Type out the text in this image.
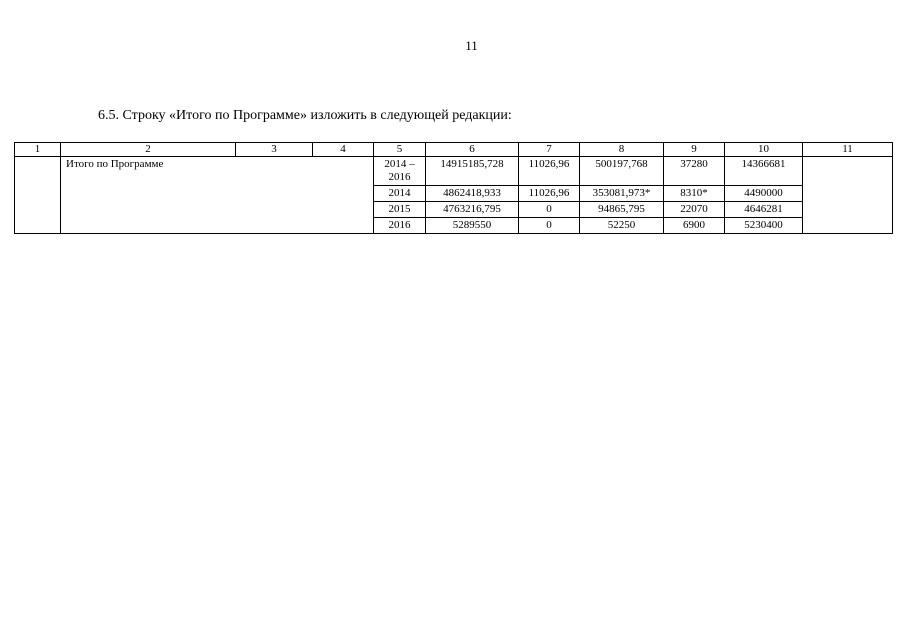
11
6.5. Строку «Итого по Программе» изложить в следующей редакции:
1	2	3	4	5	6	7	8	9	10	11
	Итого по Программе			2014 – 2016	14915185,728	11026,96	500197,768	37280	14366681	
				2014	4862418,933	11026,96	353081,973*	8310*	4490000	
				2015	4763216,795	0	94865,795	22070	4646281	
				2016	5289550	0	52250	6900	5230400	
